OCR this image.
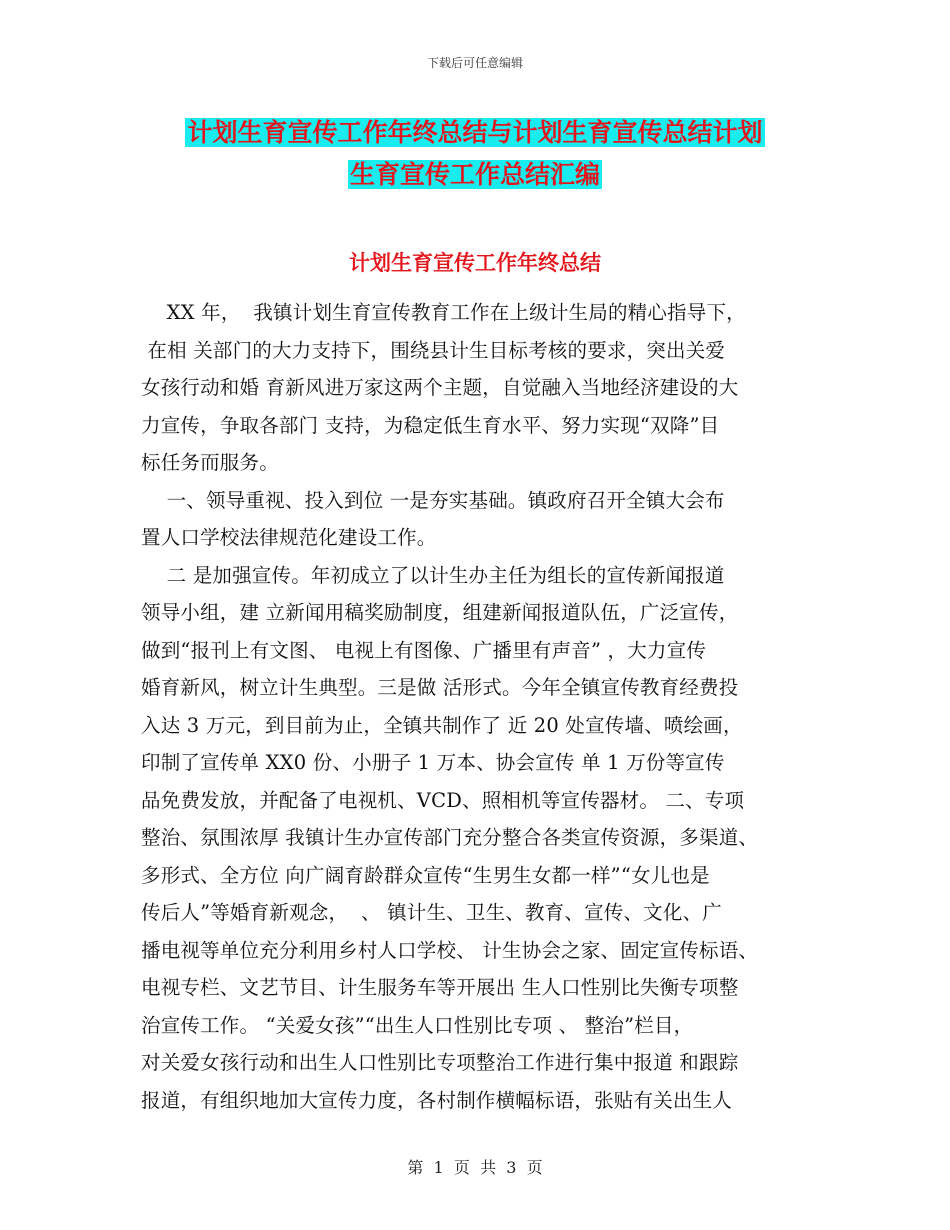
下载后可任意编辑
计划生育宣传工作年终总结与计划生育宣传总结计划
生育宣传工作总结汇编
计划生育宣传工作年终总结
XX 年，  我镇计划生育宣传教育工作在上级计生局的精心指导下，
在相 关部门的大力支持下，围绕县计生目标考核的要求，突出关爱
女孩行动和婚 育新风进万家这两个主题，自觉融入当地经济建设的大
力宣传，争取各部门 支持，为稳定低生育水平、努力实现“双降”目
标任务而服务。
一、领导重视、投入到位 一是夯实基础。镇政府召开全镇大会布
置人口学校法律规范化建设工作。
二 是加强宣传。年初成立了以计生办主任为组长的宣传新闻报道
领导小组，建 立新闻用稿奖励制度，组建新闻报道队伍，广泛宣传，
做到“报刊上有文图、 电视上有图像、广播里有声音” ，大力宣传
婚育新风，树立计生典型。三是做 活形式。今年全镇宣传教育经费投
入达 3 万元，到目前为止，全镇共制作了 近 20 处宣传墙、喷绘画，
印制了宣传单 XX0 份、小册子 1 万本、协会宣传 单 1 万份等宣传
品免费发放，并配备了电视机、VCD、照相机等宣传器材。 二、专项
整治、氛围浓厚 我镇计生办宣传部门充分整合各类宣传资源，多渠道、
多形式、全方位 向广阔育龄群众宣传“生男生女都一样”“女儿也是
传后人”等婚育新观念，  、 镇计生、卫生、教育、宣传、文化、广
播电视等单位充分利用乡村人口学校、 计生协会之家、固定宣传标语、
电视专栏、文艺节目、计生服务车等开展出 生人口性别比失衡专项整
治宣传工作。 “关爱女孩”“出生人口性别比专项 、 整治”栏目，
对关爱女孩行动和出生人口性别比专项整治工作进行集中报道 和跟踪
报道，有组织地加大宣传力度，各村制作横幅标语，张贴有关出生人
第  1  页  共  3  页
